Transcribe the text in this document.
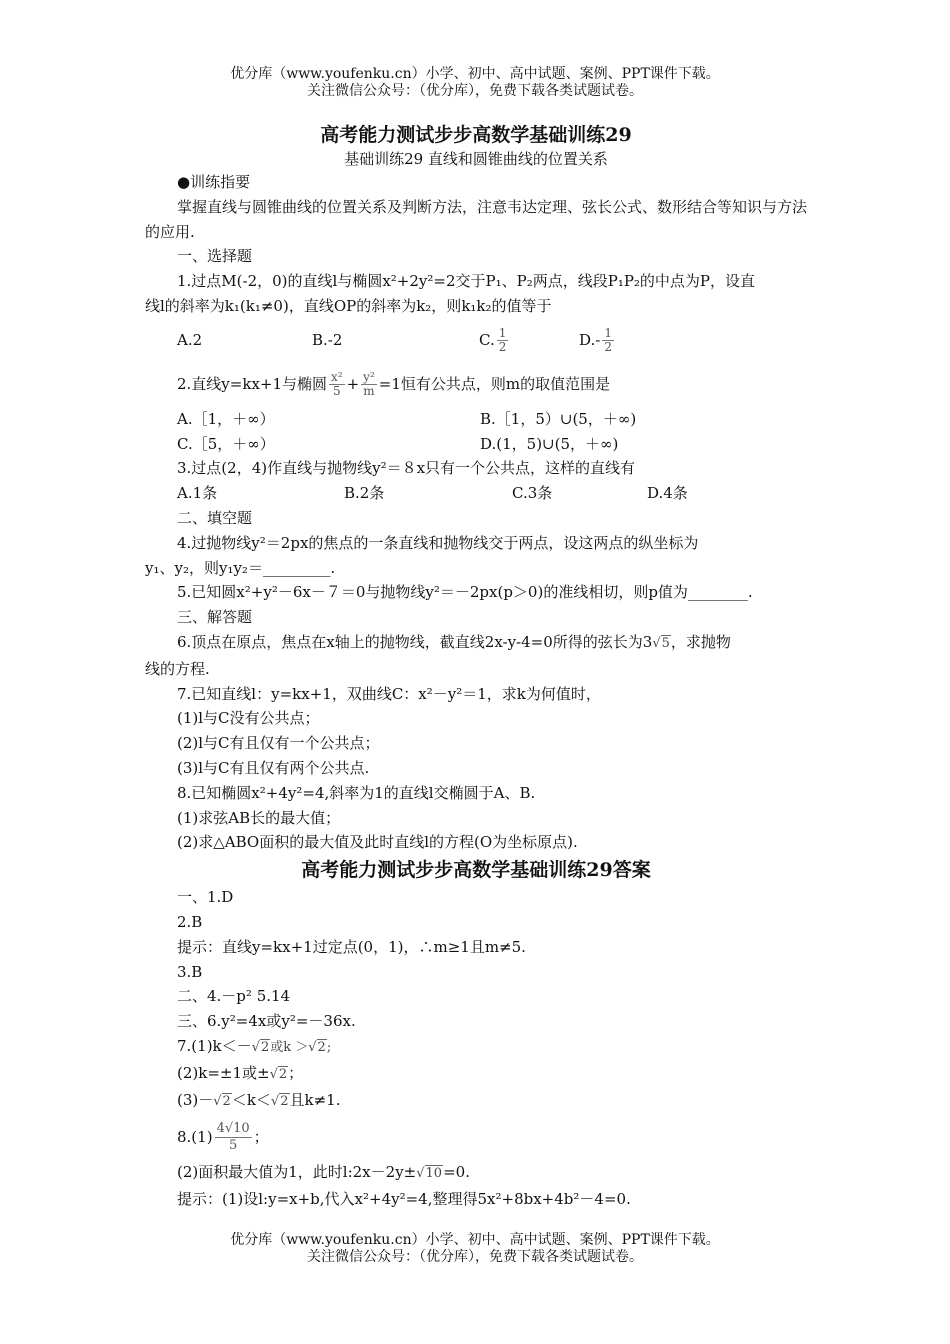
优分库（www.youfenku.cn）小学、初中、高中试题、案例、PPT课件下载。
关注微信公众号：（优分库），免费下载各类试题试卷。
高考能力测试步步高数学基础训练29
基础训练29 直线和圆锥曲线的位置关系
●训练指要
掌握直线与圆锥曲线的位置关系及判断方法，注意韦达定理、弦长公式、数形结合等知识与方法的应用.
一、选择题
1.过点M(-2，0)的直线l与椭圆x²+2y²=2交于P₁、P₂两点，线段P₁P₂的中点为P，设直
线l的斜率为k₁(k₁≠0)，直线OP的斜率为k₂，则k₁k₂的值等于
A.2	B.-2	C. $\frac{1}{2}$	$D.- \frac{1}{2}$
2.直线y=kx+1与椭圆 $\frac{\text{x²}}{5} + \frac{\text{y²}}{m} =1$恒有公共点，则m的取值范围是
A.［1，＋∞）	B.［1，5）∪(5，＋∞)
C.［5，＋∞）	D.(1，5)∪(5，＋∞)
3.过点(2，4)作直线与抛物线y²＝８x只有一个公共点，这样的直线有
A.1条	B.2条	C.3条	D.4条
二、填空题
4.过抛物线y²＝2px的焦点的一条直线和抛物线交于两点，设这两点的纵坐标为
y₁、y₂，则y₁y₂＝_________.
5.已知圆x²+y²－6x－７＝0与抛物线y²＝－2px(p＞0)的准线相切，则p值为________.
三、解答题
6.顶点在原点，焦点在x轴上的抛物线，截直线2x-y-4=0所得的弦长为3√5，求抛物
线的方程.
7.已知直线l：y=kx+1，双曲线C：x²－y²＝1，求k为何值时，
(1)l与C没有公共点；
(2)l与C有且仅有一个公共点；
(3)l与C有且仅有两个公共点.
8.已知椭圆x²+4y²=4,斜率为1的直线l交椭圆于A、B.
(1)求弦AB长的最大值；
(2)求△ABO面积的最大值及此时直线l的方程(O为坐标原点).
高考能力测试步步高数学基础训练29答案
一、1.D
2.B
提示：直线y=kx+1过定点(0，1)，∴m≥1且m≠5.
3.B
二、4.－p² 5.14
三、6.y²=4x或y²=－36x.
7.(1)k＜－√2或k ＞√2;
(2)k=±1或±√2；
(3)－√2＜k＜√2且k≠1.
$8.(1) \frac{4√10}{5}$ ；
(2)面积最大值为1，此时l:2x－2y±√10=0.
提示：(1)设l:y=x+b,代入x²+4y²=4,整理得5x²+8bx+4b²－4=0.
优分库（www.youfenku.cn）小学、初中、高中试题、案例、PPT课件下载。
关注微信公众号：（优分库），免费下载各类试题试卷。
